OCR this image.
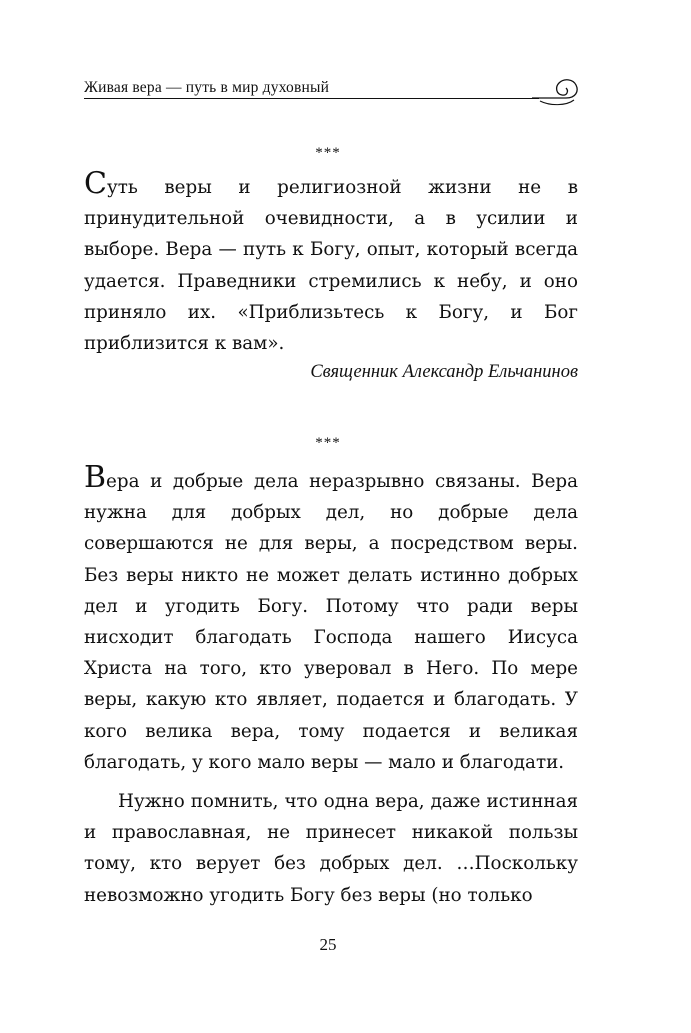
Живая вера — путь в мир духовный
***

Суть веры и религиозной жизни не в принудительной очевидности, а в усилии и выборе. Вера — путь к Богу, опыт, который всегда удается. Праведники стремились к небу, и оно приняло их. «Приблизьтесь к Богу, и Бог приблизится к вам».

Священник Александр Ельчанинов
***

Вера и добрые дела неразрывно связаны. Вера нужна для добрых дел, но добрые дела совершаются не для веры, а посредством веры. Без веры никто не может делать истинно добрых дел и угодить Богу. Потому что ради веры нисходит благодать Господа нашего Иисуса Христа на того, кто уверовал в Него. По мере веры, какую кто являет, подается и благодать. У кого велика вера, тому подается и великая благодать, у кого мало веры — мало и благодати.

Нужно помнить, что одна вера, даже истинная и православная, не принесет никакой пользы тому, кто верует без добрых дел. …Поскольку невозможно угодить Богу без веры (но только

25
